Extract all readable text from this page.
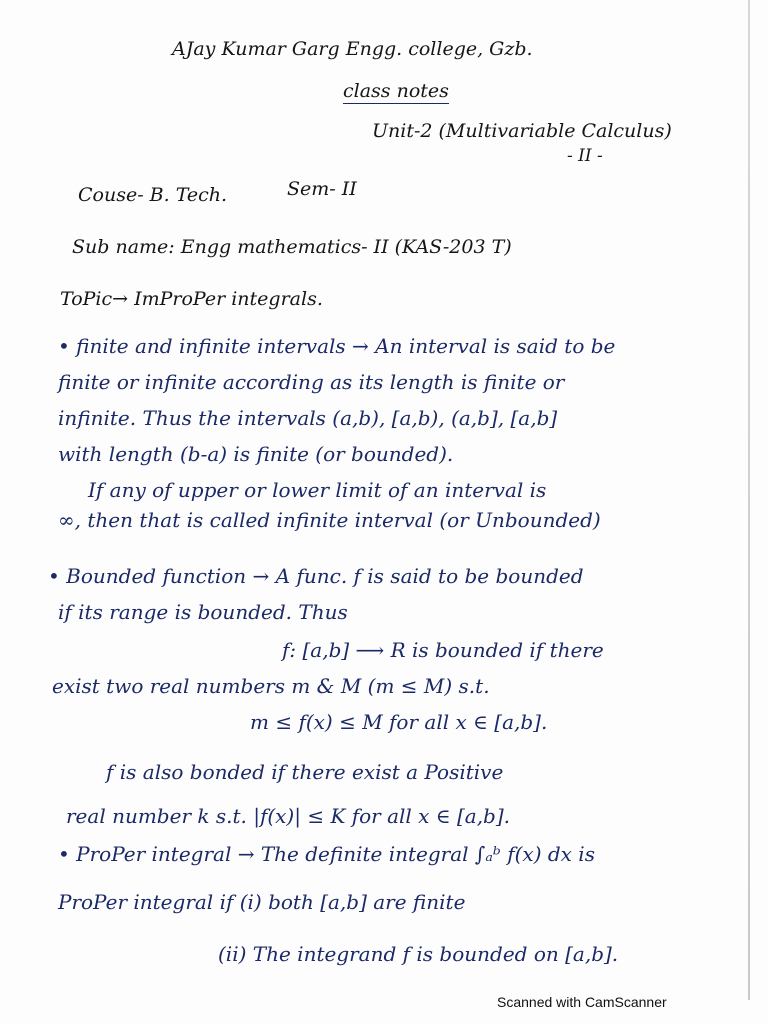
AJay Kumar Garg Engg. college, Gzb.
class notes
Unit-2 (Multivariable Calculus)
- II -
Couse- B. Tech.	Sem- II
Sub name: Engg mathematics- II (KAS-203 T)
ToPic→ ImProPer integrals.
• finite and infinite intervals → An interval is said to be
finite or infinite according as its length is finite or
infinite. Thus the intervals (a,b), [a,b), (a,b], [a,b]
with length (b-a) is finite (or bounded).
If any of upper or lower limit of an interval is
∞, then that is called infinite interval (or Unbounded)
• Bounded function → A func. f is said to be bounded
if its range is bounded. Thus
f: [a,b] ⟶ R is bounded if there
exist two real numbers m & M (m ≤ M) s.t.
m ≤ f(x) ≤ M for all x ∈ [a,b].
f is also bonded if there exist a Positive
real number k s.t. |f(x)| ≤ K for all x ∈ [a,b].
• ProPer integral → The definite integral ∫ₐᵇ f(x) dx is
ProPer integral if (i) both [a,b] are finite
(ii) The integrand f is bounded on [a,b].
Scanned with CamScanner
